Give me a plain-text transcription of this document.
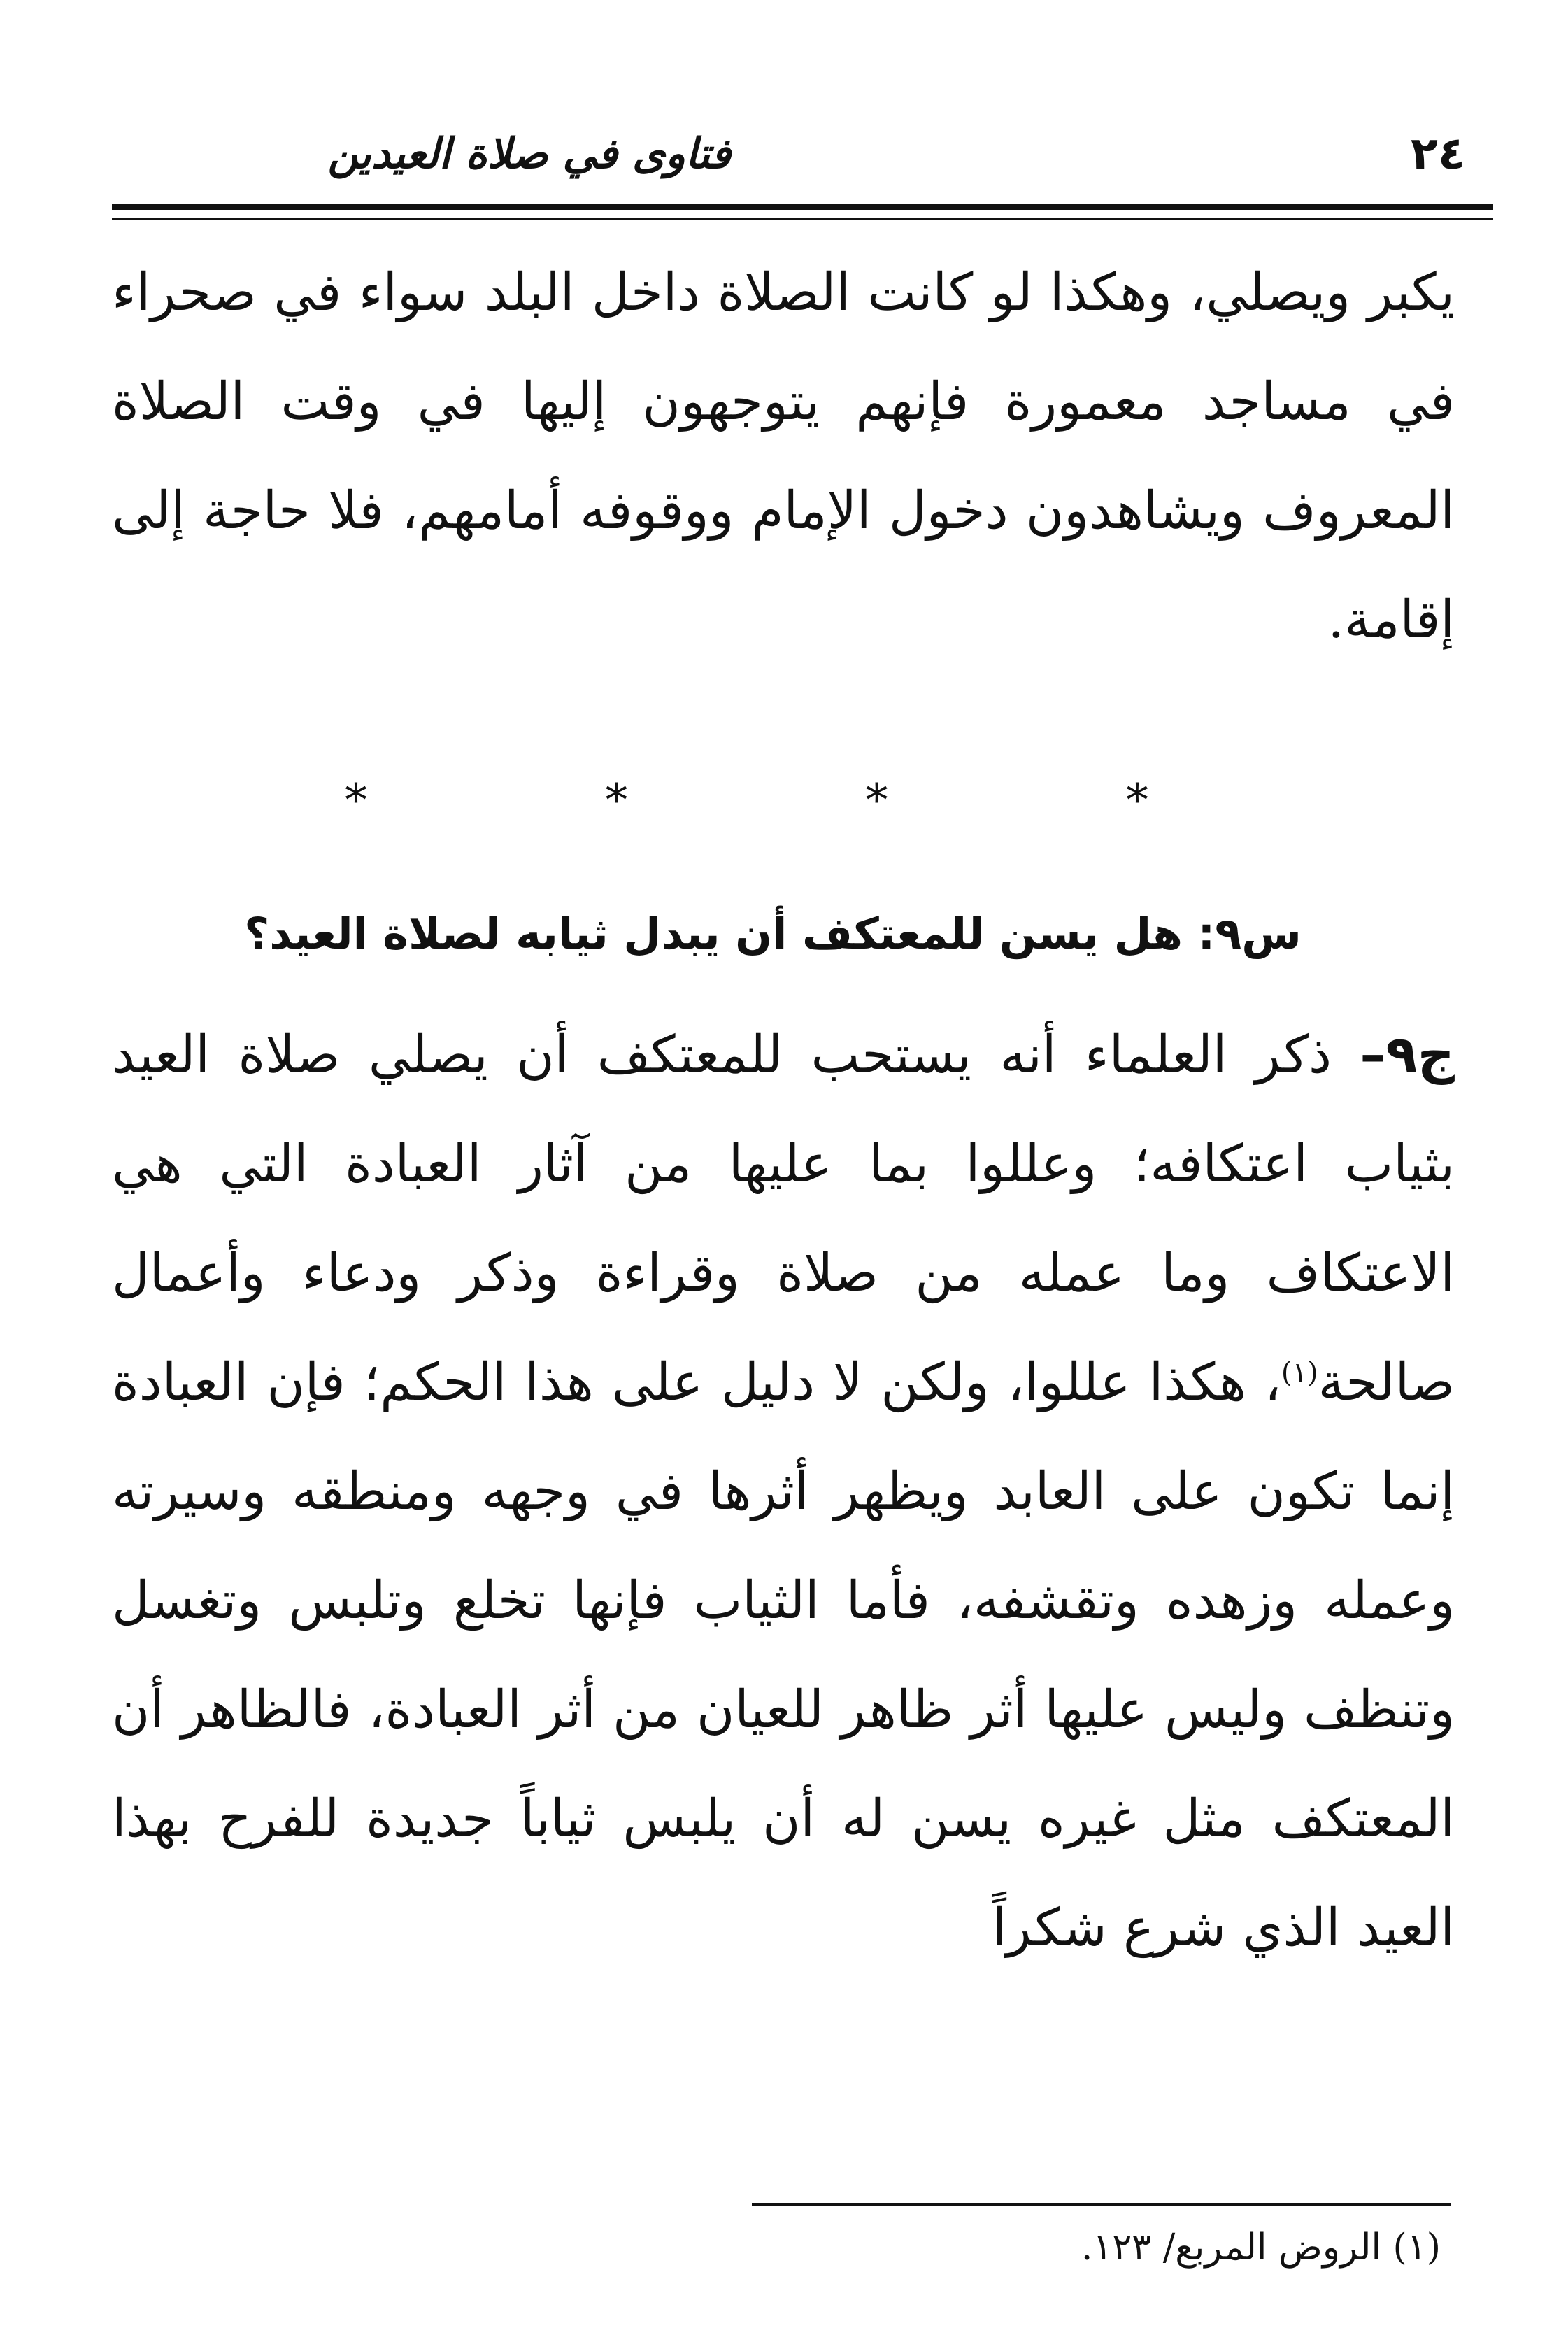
٢٤
فتاوى في صلاة العيدين

يكبر ويصلي، وهكذا لو كانت الصلاة داخل البلد سواء في صحراء في مساجد معمورة فإنهم يتوجهون إليها في وقت الصلاة المعروف ويشاهدون دخول الإمام ووقوفه أمامهم، فلا حاجة إلى إقامة.

* * * *
س٩: هل يسن للمعتكف أن يبدل ثيابه لصلاة العيد؟

ج٩– ذكر العلماء أنه يستحب للمعتكف أن يصلي صلاة العيد بثياب اعتكافه؛ وعللوا بما عليها من آثار العبادة التي هي الاعتكاف وما عمله من صلاة وقراءة وذكر ودعاء وأعمال صالحة$^{(١)}$، هكذا عللوا، ولكن لا دليل على هذا الحكم؛ فإن العبادة إنما تكون على العابد ويظهر أثرها في وجهه ومنطقه وسيرته وعمله وزهده وتقشفه، فأما الثياب فإنها تخلع وتلبس وتغسل وتنظف وليس عليها أثر ظاهر للعيان من أثر العبادة، فالظاهر أن المعتكف مثل غيره يسن له أن يلبس ثياباً جديدة للفرح بهذا العيد الذي شرع شكراً

(١) الروض المربع/ ١٢٣.
